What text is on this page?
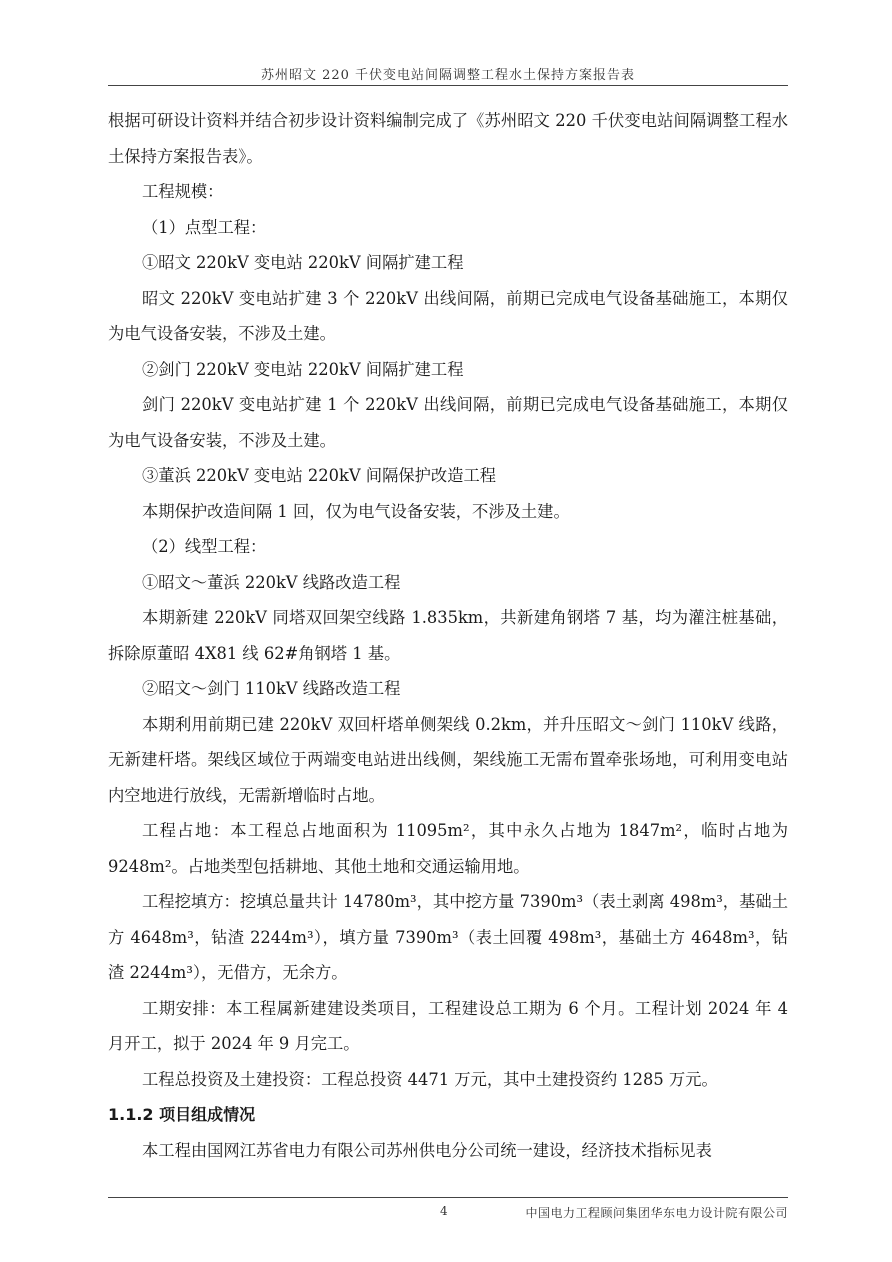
苏州昭文 220 千伏变电站间隔调整工程水土保持方案报告表

根据可研设计资料并结合初步设计资料编制完成了《苏州昭文 220 千伏变电站间隔调整工程水土保持方案报告表》。

工程规模：

（1）点型工程：

①昭文 220kV 变电站 220kV 间隔扩建工程

昭文 220kV 变电站扩建 3 个 220kV 出线间隔，前期已完成电气设备基础施工，本期仅为电气设备安装，不涉及土建。

②剑门 220kV 变电站 220kV 间隔扩建工程

剑门 220kV 变电站扩建 1 个 220kV 出线间隔，前期已完成电气设备基础施工，本期仅为电气设备安装，不涉及土建。

③董浜 220kV 变电站 220kV 间隔保护改造工程

本期保护改造间隔 1 回，仅为电气设备安装，不涉及土建。

（2）线型工程：

①昭文～董浜 220kV 线路改造工程

本期新建 220kV 同塔双回架空线路 1.835km，共新建角钢塔 7 基，均为灌注桩基础，拆除原董昭 4X81 线 62#角钢塔 1 基。

②昭文～剑门 110kV 线路改造工程

本期利用前期已建 220kV 双回杆塔单侧架线 0.2km，并升压昭文～剑门 110kV 线路，无新建杆塔。架线区域位于两端变电站进出线侧，架线施工无需布置牵张场地，可利用变电站内空地进行放线，无需新增临时占地。

工程占地：本工程总占地面积为 11095m²，其中永久占地为 1847m²，临时占地为 9248m²。占地类型包括耕地、其他土地和交通运输用地。

工程挖填方：挖填总量共计 14780m³，其中挖方量 7390m³（表土剥离 498m³，基础土方 4648m³，钻渣 2244m³），填方量 7390m³（表土回覆 498m³，基础土方 4648m³，钻渣 2244m³），无借方，无余方。

工期安排：本工程属新建建设类项目，工程建设总工期为 6 个月。工程计划 2024 年 4 月开工，拟于 2024 年 9 月完工。

工程总投资及土建投资：工程总投资 4471 万元，其中土建投资约 1285 万元。

1.1.2 项目组成情况

本工程由国网江苏省电力有限公司苏州供电分公司统一建设，经济技术指标见表

4	中国电力工程顾问集团华东电力设计院有限公司
